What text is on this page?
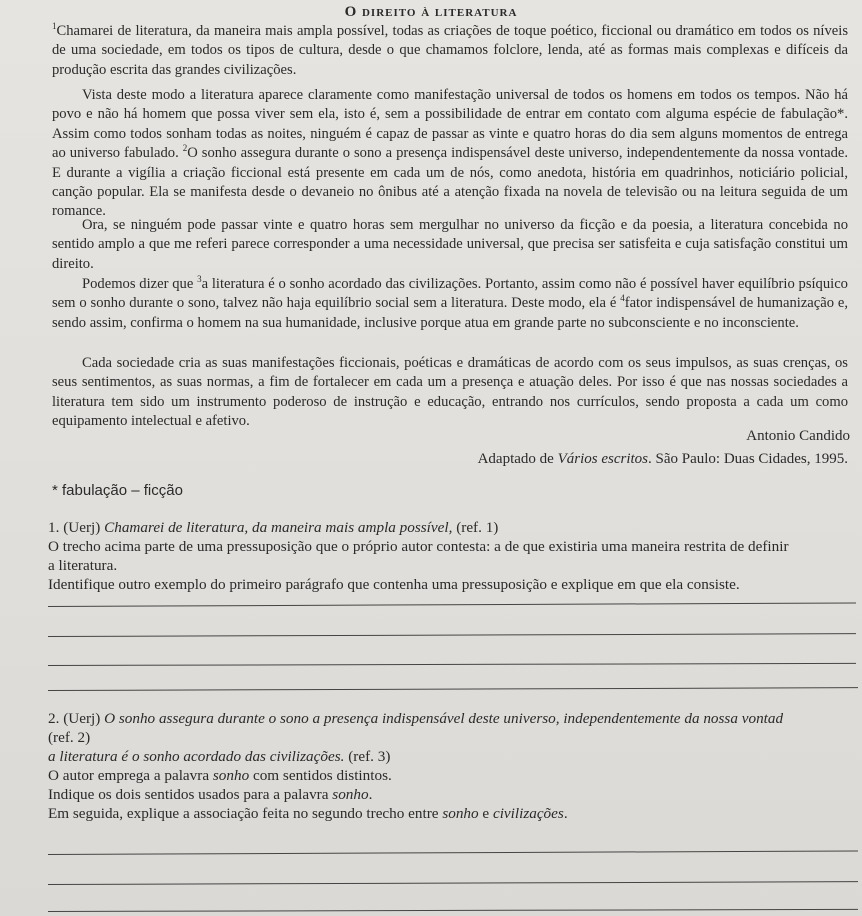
O direito à literatura

$^1$Chamarei de literatura, da maneira mais ampla possível, todas as criações de toque poético, ficcional ou dramático em todos os níveis de uma sociedade, em todos os tipos de cultura, desde o que chamamos folclore, lenda, até as formas mais complexas e difíceis da produção escrita das grandes civilizações.

Vista deste modo a literatura aparece claramente como manifestação universal de todos os homens em todos os tempos. Não há povo e não há homem que possa viver sem ela, isto é, sem a possibilidade de entrar em contato com alguma espécie de fabulação*. Assim como todos sonham todas as noites, ninguém é capaz de passar as vinte e quatro horas do dia sem alguns momentos de entrega ao universo fabulado. $^2$O sonho assegura durante o sono a presença indispensável deste universo, independentemente da nossa vontade. E durante a vigília a criação ficcional está presente em cada um de nós, como anedota, história em quadrinhos, noticiário policial, canção popular. Ela se manifesta desde o devaneio no ônibus até a atenção fixada na novela de televisão ou na leitura seguida de um romance.

Ora, se ninguém pode passar vinte e quatro horas sem mergulhar no universo da ficção e da poesia, a literatura concebida no sentido amplo a que me referi parece corresponder a uma necessidade universal, que precisa ser satisfeita e cuja satisfação constitui um direito.

Podemos dizer que $^3$a literatura é o sonho acordado das civilizações. Portanto, assim como não é possível haver equilíbrio psíquico sem o sonho durante o sono, talvez não haja equilíbrio social sem a literatura. Deste modo, ela é $^4$fator indispensável de humanização e, sendo assim, confirma o homem na sua humanidade, inclusive porque atua em grande parte no subconsciente e no inconsciente.

Cada sociedade cria as suas manifestações ficcionais, poéticas e dramáticas de acordo com os seus impulsos, as suas crenças, os seus sentimentos, as suas normas, a fim de fortalecer em cada um a presença e atuação deles. Por isso é que nas nossas sociedades a literatura tem sido um instrumento poderoso de instrução e educação, entrando nos currículos, sendo proposta a cada um como equipamento intelectual e afetivo.

Antonio Candido
Adaptado de Vários escritos. São Paulo: Duas Cidades, 1995.
* fabulação – ficção
1. (Uerj) Chamarei de literatura, da maneira mais ampla possível, (ref. 1)
O trecho acima parte de uma pressuposição que o próprio autor contesta: a de que existiria uma maneira restrita de definir
a literatura.
Identifique outro exemplo do primeiro parágrafo que contenha uma pressuposição e explique em que ela consiste.
2. (Uerj) O sonho assegura durante o sono a presença indispensável deste universo, independentemente da nossa vontad
(ref. 2)
a literatura é o sonho acordado das civilizações. (ref. 3)
O autor emprega a palavra sonho com sentidos distintos.
Indique os dois sentidos usados para a palavra sonho.
Em seguida, explique a associação feita no segundo trecho entre sonho e civilizações.
